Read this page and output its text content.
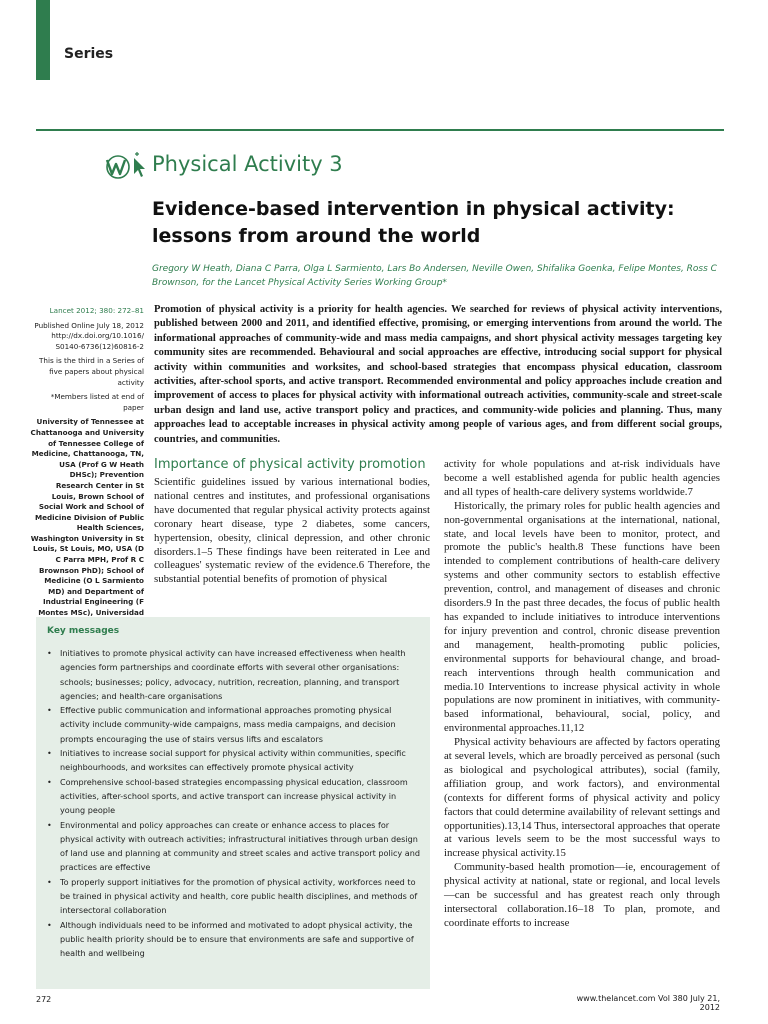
Series
Physical Activity 3
Evidence-based intervention in physical activity: lessons from around the world
Gregory W Heath, Diana C Parra, Olga L Sarmiento, Lars Bo Andersen, Neville Owen, Shifalika Goenka, Felipe Montes, Ross C Brownson, for the Lancet Physical Activity Series Working Group*

Lancet 2012; 380: 272–81

Published Online July 18, 2012 http://dx.doi.org/10.1016/ S0140-6736(12)60816-2

This is the third in a Series of five papers about physical activity

*Members listed at end of paper

University of Tennessee at Chattanooga and University of Tennessee College of Medicine, Chattanooga, TN, USA (Prof G W Heath DHSc); Prevention Research Center in St Louis, Brown School of Social Work and School of Medicine Division of Public Health Sciences, Washington University in St Louis, St Louis, MO, USA (D C Parra MPH, Prof R C Brownson PhD); School of Medicine (O L Sarmiento MD) and Department of Industrial Engineering (F Montes MSc), Universidad

Promotion of physical activity is a priority for health agencies. We searched for reviews of physical activity interventions, published between 2000 and 2011, and identified effective, promising, or emerging interventions from around the world. The informational approaches of community-wide and mass media campaigns, and short physical activity messages targeting key community sites are recommended. Behavioural and social approaches are effective, introducing social support for physical activity within communities and worksites, and school-based strategies that encompass physical education, classroom activities, after-school sports, and active transport. Recommended environmental and policy approaches include creation and improvement of access to places for physical activity with informational outreach activities, community-scale and street-scale urban design and land use, active transport policy and practices, and community-wide policies and planning. Thus, many approaches lead to acceptable increases in physical activity among people of various ages, and from different social groups, countries, and communities.
Importance of physical activity promotion

Scientific guidelines issued by various international bodies, national centres and institutes, and professional organisations have documented that regular physical activity protects against coronary heart disease, type 2 diabetes, some cancers, hypertension, obesity, clinical depression, and other chronic disorders.1–5 These findings have been reiterated in Lee and colleagues' systematic review of the evidence.6 Therefore, the substantial potential benefits of promotion of physical

Key messages
• Initiatives to promote physical activity can have increased effectiveness when health agencies form partnerships and coordinate efforts with several other organisations: schools; businesses; policy, advocacy, nutrition, recreation, planning, and transport agencies; and health-care organisations
• Effective public communication and informational approaches promoting physical activity include community-wide campaigns, mass media campaigns, and decision prompts encouraging the use of stairs versus lifts and escalators
• Initiatives to increase social support for physical activity within communities, specific neighbourhoods, and worksites can effectively promote physical activity
• Comprehensive school-based strategies encompassing physical education, classroom activities, after-school sports, and active transport can increase physical activity in young people
• Environmental and policy approaches can create or enhance access to places for physical activity with outreach activities; infrastructural initiatives through urban design of land use and planning at community and street scales and active transport policy and practices are effective
• To properly support initiatives for the promotion of physical activity, workforces need to be trained in physical activity and health, core public health disciplines, and methods of intersectoral collaboration
• Although individuals need to be informed and motivated to adopt physical activity, the public health priority should be to ensure that environments are safe and supportive of health and wellbeing

activity for whole populations and at-risk individuals have become a well established agenda for public health agencies and all types of health-care delivery systems worldwide.7

Historically, the primary roles for public health agencies and non-governmental organisations at the international, national, state, and local levels have been to monitor, protect, and promote the public's health.8 These functions have been intended to complement contributions of health-care delivery systems and other community sectors to establish effective prevention, control, and management of diseases and chronic disorders.9 In the past three decades, the focus of public health has expanded to include initiatives to introduce interventions for injury prevention and control, chronic disease prevention and management, health-promoting public policies, environmental supports for behavioural change, and broad-reach interventions through health communication and media.10 Interventions to increase physical activity in whole populations are now prominent in initiatives, with community-based informational, behavioural, social, policy, and environmental approaches.11,12

Physical activity behaviours are affected by factors operating at several levels, which are broadly perceived as personal (such as biological and psychological attributes), social (family, affiliation group, and work factors), and environmental (contexts for different forms of physical activity and policy factors that could determine availability of relevant settings and opportunities).13,14 Thus, intersectoral approaches that operate at various levels seem to be the most successful ways to increase physical activity.15

Community-based health promotion—ie, encouragement of physical activity at national, state or regional, and local levels—can be successful and has greatest reach only through intersectoral collaboration.16–18 To plan, promote, and coordinate efforts to increase

272	www.thelancet.com Vol 380 July 21, 2012
